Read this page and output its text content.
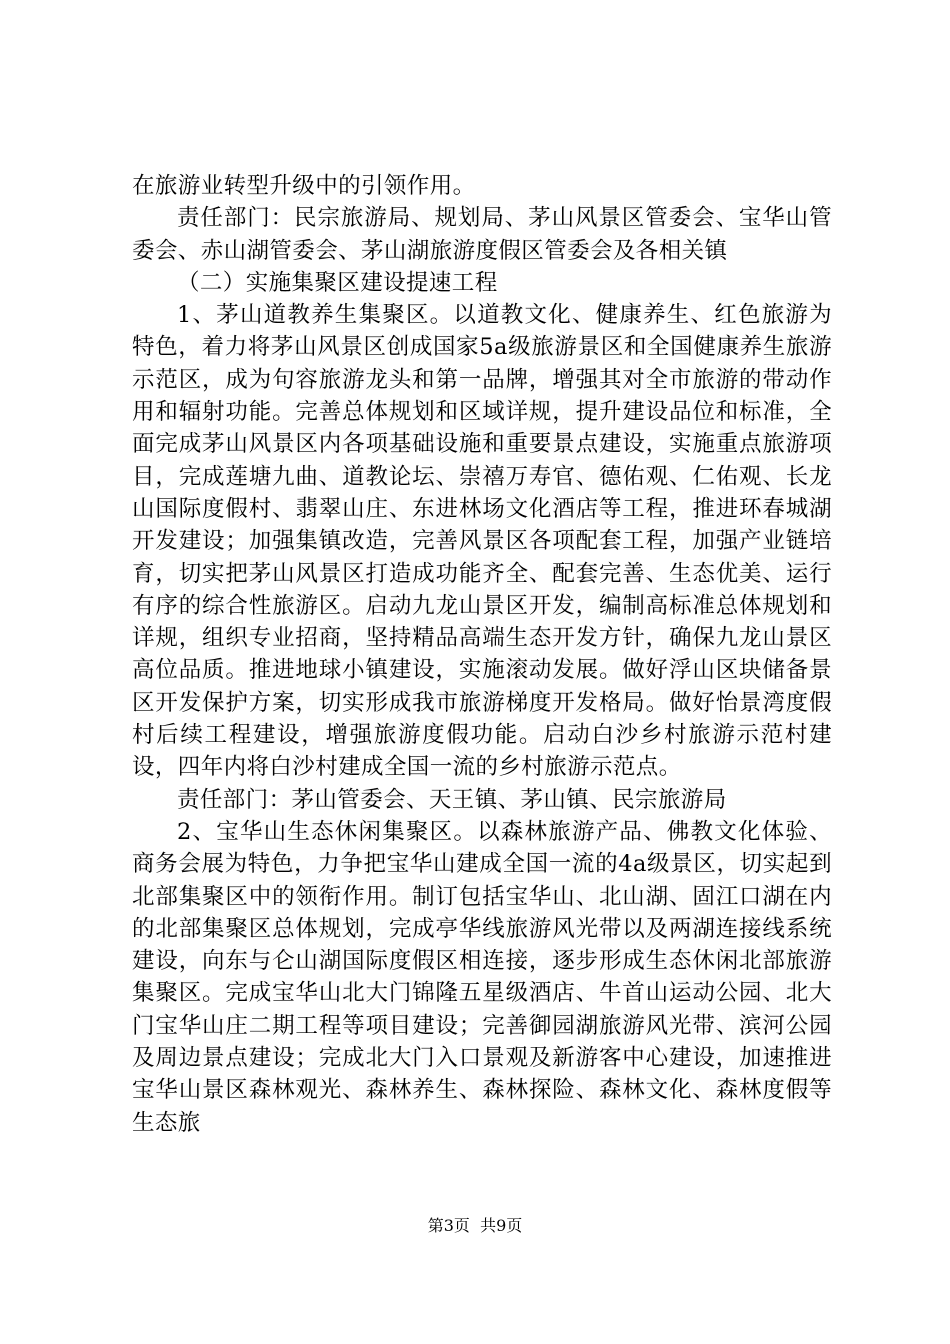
在旅游业转型升级中的引领作用。

责任部门：民宗旅游局、规划局、茅山风景区管委会、宝华山管委会、赤山湖管委会、茅山湖旅游度假区管委会及各相关镇

（二）实施集聚区建设提速工程

1、茅山道教养生集聚区。以道教文化、健康养生、红色旅游为特色，着力将茅山风景区创成国家5a级旅游景区和全国健康养生旅游示范区，成为句容旅游龙头和第一品牌，增强其对全市旅游的带动作用和辐射功能。完善总体规划和区域详规，提升建设品位和标准，全面完成茅山风景区内各项基础设施和重要景点建设，实施重点旅游项目，完成莲塘九曲、道教论坛、崇禧万寿官、德佑观、仁佑观、长龙山国际度假村、翡翠山庄、东进林场文化酒店等工程，推进环春城湖开发建设；加强集镇改造，完善风景区各项配套工程，加强产业链培育，切实把茅山风景区打造成功能齐全、配套完善、生态优美、运行有序的综合性旅游区。启动九龙山景区开发，编制高标准总体规划和详规，组织专业招商，坚持精品高端生态开发方针，确保九龙山景区高位品质。推进地球小镇建设，实施滚动发展。做好浮山区块储备景区开发保护方案，切实形成我市旅游梯度开发格局。做好怡景湾度假村后续工程建设，增强旅游度假功能。启动白沙乡村旅游示范村建设，四年内将白沙村建成全国一流的乡村旅游示范点。

责任部门：茅山管委会、天王镇、茅山镇、民宗旅游局

2、宝华山生态休闲集聚区。以森林旅游产品、佛教文化体验、商务会展为特色，力争把宝华山建成全国一流的4a级景区，切实起到北部集聚区中的领衔作用。制订包括宝华山、北山湖、固江口湖在内的北部集聚区总体规划，完成亭华线旅游风光带以及两湖连接线系统建设，向东与仑山湖国际度假区相连接，逐步形成生态休闲北部旅游集聚区。完成宝华山北大门锦隆五星级酒店、牛首山运动公园、北大门宝华山庄二期工程等项目建设；完善御园湖旅游风光带、滨河公园及周边景点建设；完成北大门入口景观及新游客中心建设，加速推进宝华山景区森林观光、森林养生、森林探险、森林文化、森林度假等生态旅

第3页  共9页
